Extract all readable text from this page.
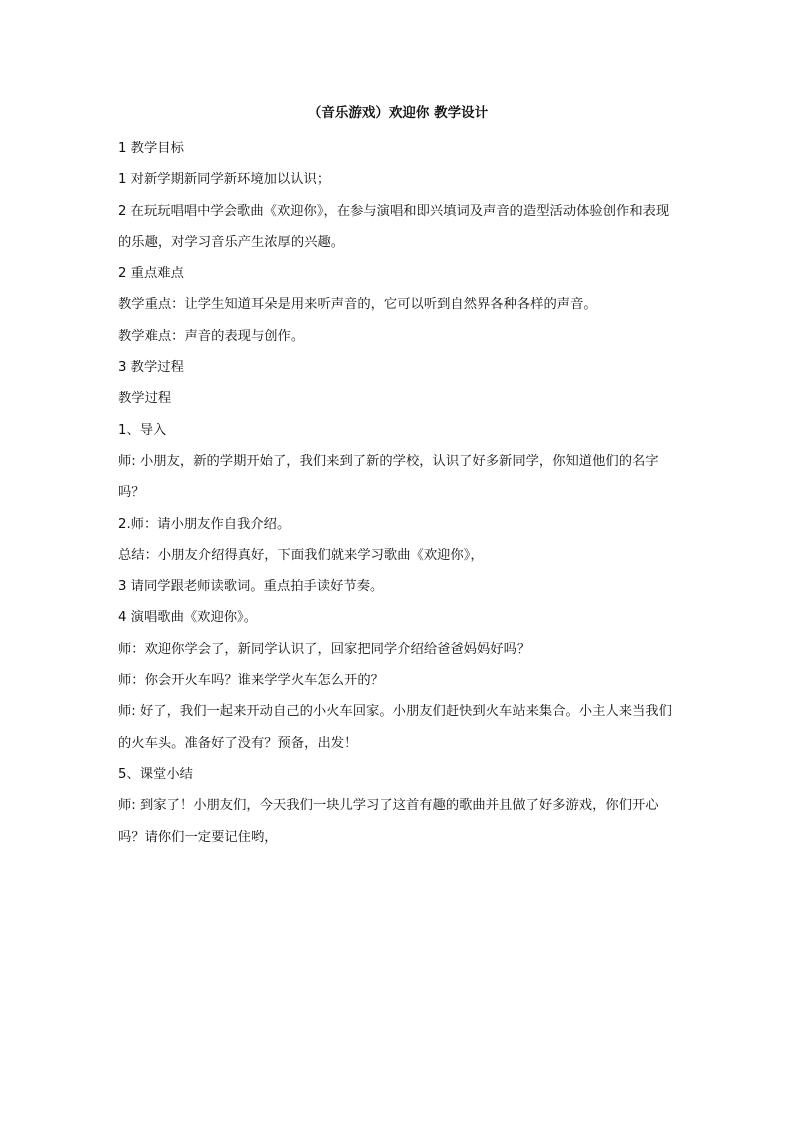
（音乐游戏）欢迎你 教学设计

1 教学目标

1 对新学期新同学新环境加以认识；

2 在玩玩唱唱中学会歌曲《欢迎你》，在参与演唱和即兴填词及声音的造型活动体验创作和表现的乐趣，对学习音乐产生浓厚的兴趣。

2 重点难点

教学重点：让学生知道耳朵是用来听声音的，它可以听到自然界各种各样的声音。

教学难点：声音的表现与创作。

3 教学过程

教学过程

1、导入

师: 小朋友，新的学期开始了，我们来到了新的学校，认识了好多新同学，你知道他们的名字吗？

2.师：请小朋友作自我介绍。

总结：小朋友介绍得真好，下面我们就来学习歌曲《欢迎你》，

3 请同学跟老师读歌词。重点拍手读好节奏。

4 演唱歌曲《欢迎你》。

师：欢迎你学会了，新同学认识了，回家把同学介绍给爸爸妈妈好吗？

师：你会开火车吗？谁来学学火车怎么开的？

师: 好了，我们一起来开动自己的小火车回家。小朋友们赶快到火车站来集合。小主人来当我们的火车头。准备好了没有？预备，出发！

5、课堂小结

师: 到家了！小朋友们，今天我们一块儿学习了这首有趣的歌曲并且做了好多游戏，你们开心吗？请你们一定要记住哟，
